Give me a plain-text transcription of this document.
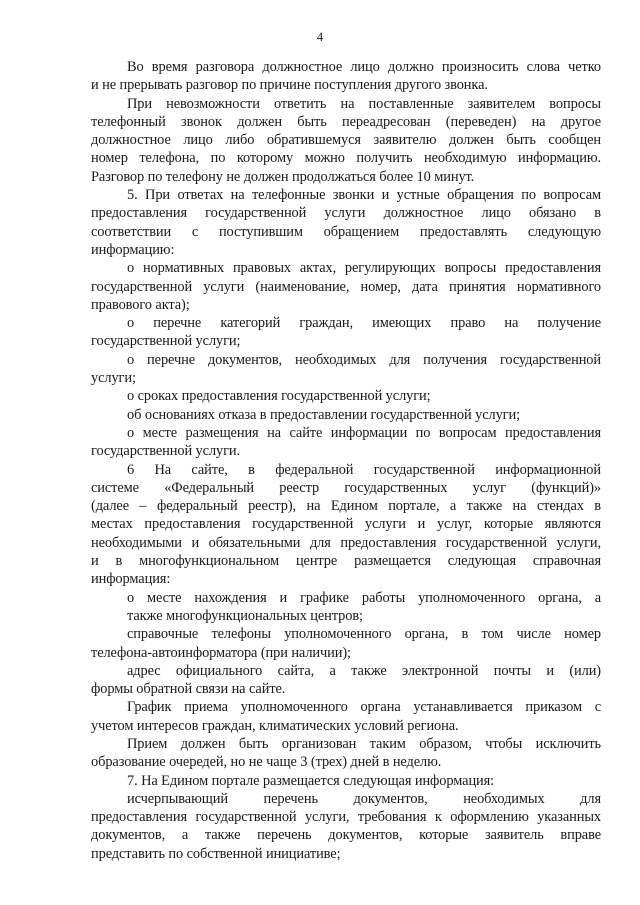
4
Во время разговора должностное лицо должно произносить слова четко
и не прерывать разговор по причине поступления другого звонка.
При невозможности ответить на поставленные заявителем вопросы
телефонный звонок должен быть переадресован (переведен) на другое
должностное лицо либо обратившемуся заявителю должен быть сообщен
номер телефона, по которому можно получить необходимую информацию.
Разговор по телефону не должен продолжаться более 10 минут.
5. При ответах на телефонные звонки и устные обращения по вопросам
предоставления государственной услуги должностное лицо обязано в
соответствии с поступившим обращением предоставлять следующую
информацию:
о нормативных правовых актах, регулирующих вопросы предоставления
государственной услуги (наименование, номер, дата принятия нормативного
правового акта);
о перечне категорий граждан, имеющих право на получение
государственной услуги;
о перечне документов, необходимых для получения государственной
услуги;
о сроках предоставления государственной услуги;
об основаниях отказа в предоставлении государственной услуги;
о месте размещения на сайте информации по вопросам предоставления
государственной услуги.
6 На сайте, в федеральной государственной информационной
системе «Федеральный реестр государственных услуг (функций)»
(далее – федеральный реестр), на Едином портале, а также на стендах в
местах предоставления государственной услуги и услуг, которые являются
необходимыми и обязательными для предоставления государственной услуги,
и в многофункциональном центре размещается следующая справочная
информация:
о месте нахождения и графике работы уполномоченного органа, а
также многофункциональных центров;
справочные телефоны уполномоченного органа, в том числе номер
телефона-автоинформатора (при наличии);
адрес официального сайта, а также электронной почты и (или)
формы обратной связи на сайте.
График приема уполномоченного органа устанавливается приказом с
учетом интересов граждан, климатических условий региона.
Прием должен быть организован таким образом, чтобы исключить
образование очередей, но не чаще 3 (трех) дней в неделю.
7. На Едином портале размещается следующая информация:
исчерпывающий перечень документов, необходимых для
предоставления государственной услуги, требования к оформлению указанных
документов, а также перечень документов, которые заявитель вправе
представить по собственной инициативе;
